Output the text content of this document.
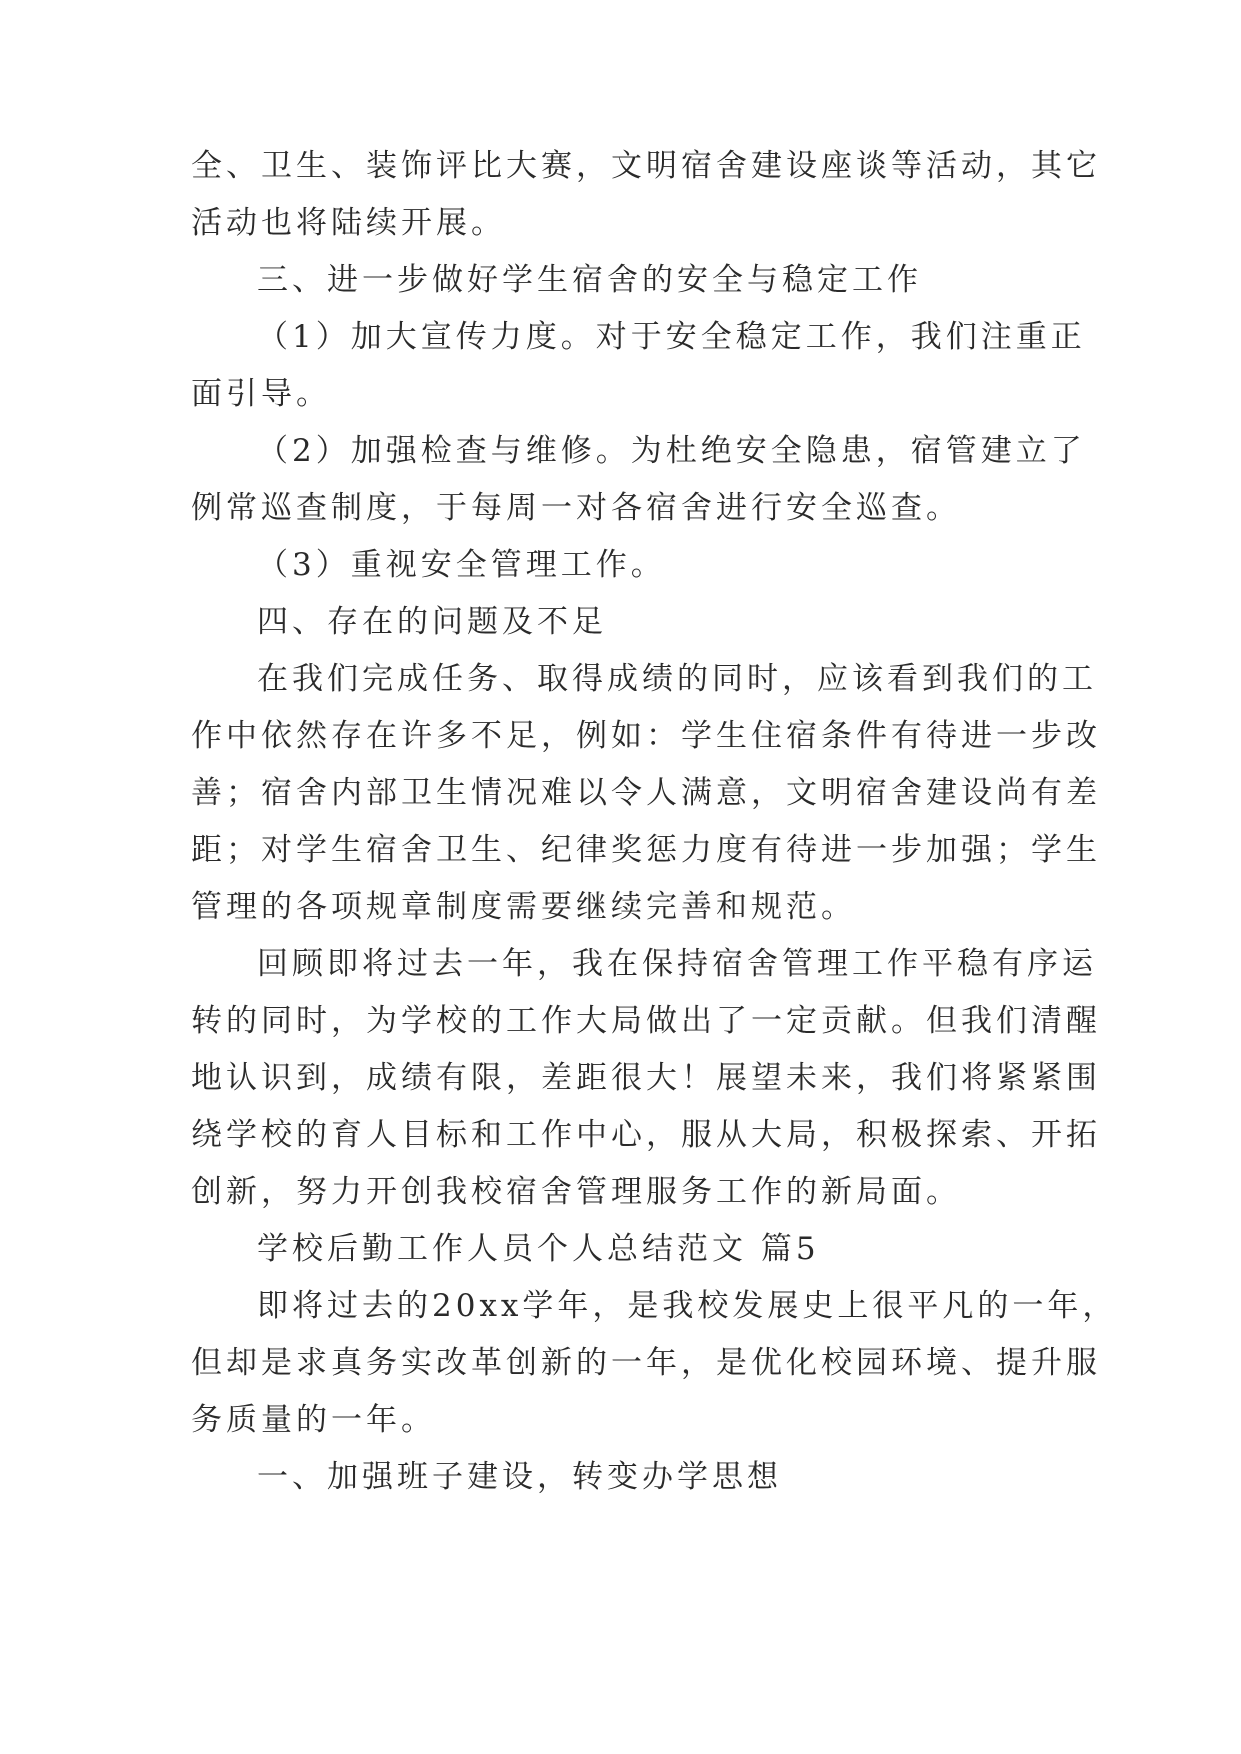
全、卫生、装饰评比大赛，文明宿舍建设座谈等活动，其它
活动也将陆续开展。
三、进一步做好学生宿舍的安全与稳定工作
（1）加大宣传力度。对于安全稳定工作，我们注重正
面引导。
（2）加强检查与维修。为杜绝安全隐患，宿管建立了
例常巡查制度，于每周一对各宿舍进行安全巡查。
（3）重视安全管理工作。
四、存在的问题及不足
在我们完成任务、取得成绩的同时，应该看到我们的工
作中依然存在许多不足，例如：学生住宿条件有待进一步改
善；宿舍内部卫生情况难以令人满意，文明宿舍建设尚有差
距；对学生宿舍卫生、纪律奖惩力度有待进一步加强；学生
管理的各项规章制度需要继续完善和规范。
回顾即将过去一年，我在保持宿舍管理工作平稳有序运
转的同时，为学校的工作大局做出了一定贡献。但我们清醒
地认识到，成绩有限，差距很大！展望未来，我们将紧紧围
绕学校的育人目标和工作中心，服从大局，积极探索、开拓
创新，努力开创我校宿舍管理服务工作的新局面。
学校后勤工作人员个人总结范文 篇5
即将过去的20xx学年，是我校发展史上很平凡的一年，
但却是求真务实改革创新的一年，是优化校园环境、提升服
务质量的一年。
一、加强班子建设，转变办学思想
